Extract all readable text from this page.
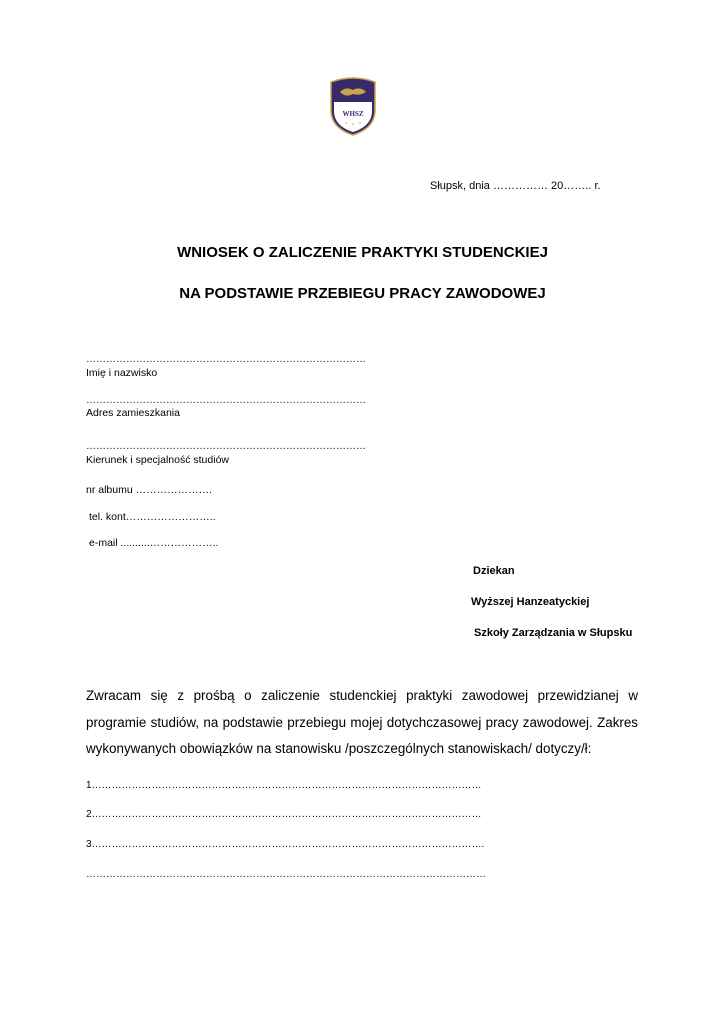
WHSZ
Słupsk, dnia …………… 20…….. r.
WNIOSEK O ZALICZENIE PRAKTYKI STUDENCKIEJ
NA PODSTAWIE PRZEBIEGU PRACY ZAWODOWEJ
…………………………………………………………………………
Imię i nazwisko
…………………………………………………………………………
Adres zamieszkania
…………………………………………………………………………
Kierunek i specjalność studiów
nr albumu ………………….
tel. kont……………………..
e-mail ..........………………..
Dziekan
Wyższej Hanzeatyckiej
Szkoły Zarządzania w Słupsku
Zwracam się z prośbą o zaliczenie studenckiej praktyki zawodowej przewidzianej w programie studiów, na podstawie przebiegu mojej dotychczasowej pracy zawodowej. Zakres wykonywanych obowiązków na stanowisku /poszczególnych stanowiskach/ dotyczy/ł:
1………………………………………………………………………………………………………
2………………………………………………………………………………………………………
3……………………………………………………………………………………………………….
…………………………………………………………………………………………………………
